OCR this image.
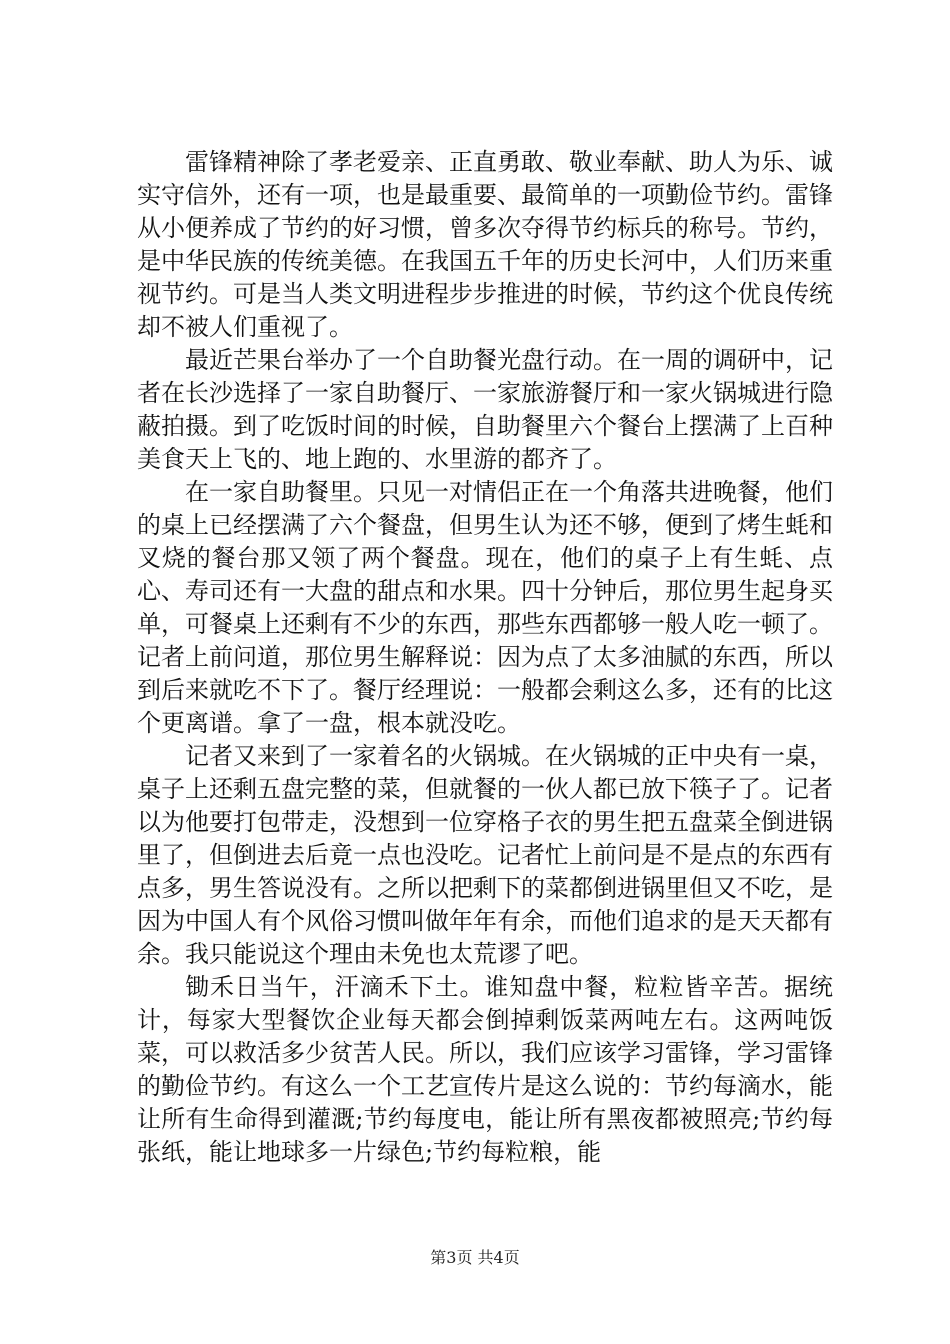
雷锋精神除了孝老爱亲、正直勇敢、敬业奉献、助人为乐、诚实守信外，还有一项，也是最重要、最简单的一项勤俭节约。雷锋从小便养成了节约的好习惯，曾多次夺得节约标兵的称号。节约，是中华民族的传统美德。在我国五千年的历史长河中，人们历来重视节约。可是当人类文明进程步步推进的时候，节约这个优良传统却不被人们重视了。

最近芒果台举办了一个自助餐光盘行动。在一周的调研中，记者在长沙选择了一家自助餐厅、一家旅游餐厅和一家火锅城进行隐蔽拍摄。到了吃饭时间的时候，自助餐里六个餐台上摆满了上百种美食天上飞的、地上跑的、水里游的都齐了。

在一家自助餐里。只见一对情侣正在一个角落共进晚餐，他们的桌上已经摆满了六个餐盘，但男生认为还不够，便到了烤生蚝和叉烧的餐台那又领了两个餐盘。现在，他们的桌子上有生蚝、点心、寿司还有一大盘的甜点和水果。四十分钟后，那位男生起身买单，可餐桌上还剩有不少的东西，那些东西都够一般人吃一顿了。记者上前问道，那位男生解释说：因为点了太多油腻的东西，所以到后来就吃不下了。餐厅经理说：一般都会剩这么多，还有的比这个更离谱。拿了一盘，根本就没吃。

记者又来到了一家着名的火锅城。在火锅城的正中央有一桌，桌子上还剩五盘完整的菜，但就餐的一伙人都已放下筷子了。记者以为他要打包带走，没想到一位穿格子衣的男生把五盘菜全倒进锅里了，但倒进去后竟一点也没吃。记者忙上前问是不是点的东西有点多，男生答说没有。之所以把剩下的菜都倒进锅里但又不吃，是因为中国人有个风俗习惯叫做年年有余，而他们追求的是天天都有余。我只能说这个理由未免也太荒谬了吧。

锄禾日当午，汗滴禾下土。谁知盘中餐，粒粒皆辛苦。据统计，每家大型餐饮企业每天都会倒掉剩饭菜两吨左右。这两吨饭菜，可以救活多少贫苦人民。所以，我们应该学习雷锋，学习雷锋的勤俭节约。有这么一个工艺宣传片是这么说的：节约每滴水，能让所有生命得到灌溉;节约每度电，能让所有黑夜都被照亮;节约每张纸，能让地球多一片绿色;节约每粒粮，能

第3页 共4页
